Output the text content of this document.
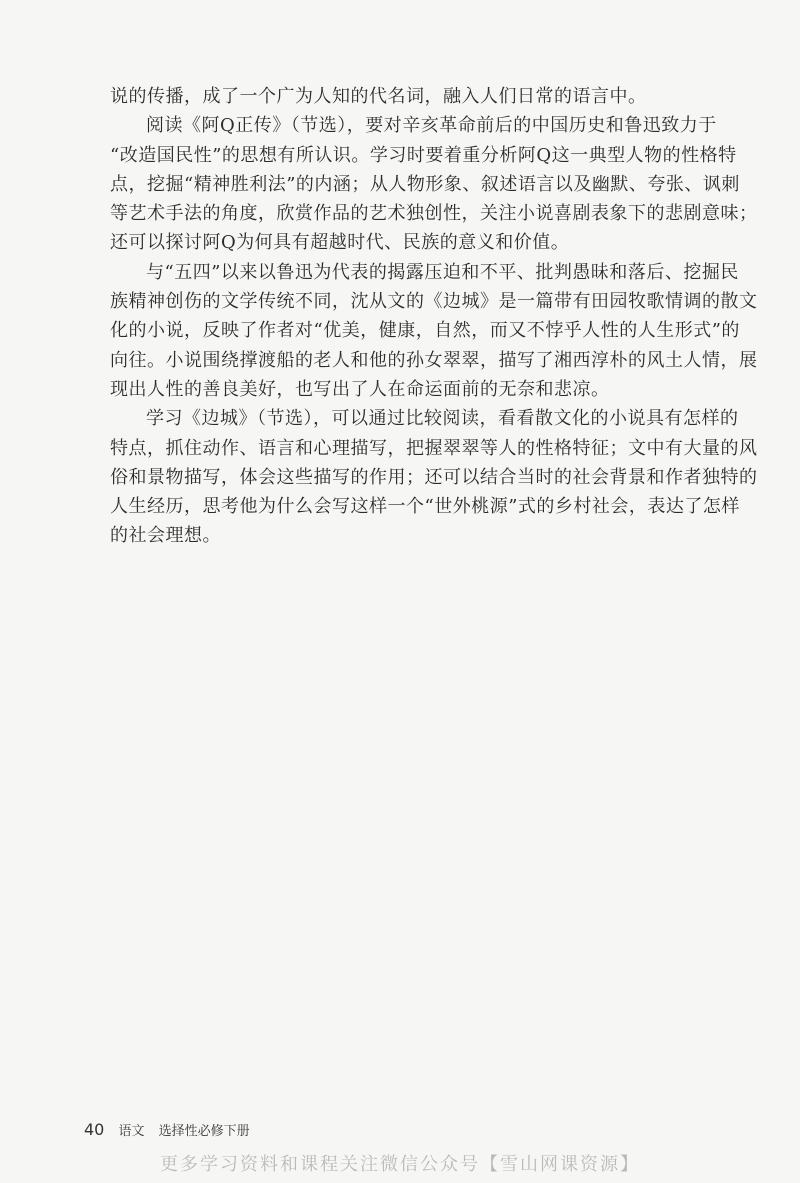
说的传播，成了一个广为人知的代名词，融入人们日常的语言中。
阅读《阿Q正传》（节选），要对辛亥革命前后的中国历史和鲁迅致力于
“改造国民性”的思想有所认识。学习时要着重分析阿Q这一典型人物的性格特
点，挖掘“精神胜利法”的内涵；从人物形象、叙述语言以及幽默、夸张、讽刺
等艺术手法的角度，欣赏作品的艺术独创性，关注小说喜剧表象下的悲剧意味；
还可以探讨阿Q为何具有超越时代、民族的意义和价值。
与“五四”以来以鲁迅为代表的揭露压迫和不平、批判愚昧和落后、挖掘民
族精神创伤的文学传统不同，沈从文的《边城》是一篇带有田园牧歌情调的散文
化的小说，反映了作者对“优美，健康，自然，而又不悖乎人性的人生形式”的
向往。小说围绕撑渡船的老人和他的孙女翠翠，描写了湘西淳朴的风土人情，展
现出人性的善良美好，也写出了人在命运面前的无奈和悲凉。
学习《边城》（节选），可以通过比较阅读，看看散文化的小说具有怎样的
特点，抓住动作、语言和心理描写，把握翠翠等人的性格特征；文中有大量的风
俗和景物描写，体会这些描写的作用；还可以结合当时的社会背景和作者独特的
人生经历，思考他为什么会写这样一个“世外桃源”式的乡村社会，表达了怎样
的社会理想。
40 语文 选择性必修下册
更多学习资料和课程关注微信公众号【雪山网课资源】
